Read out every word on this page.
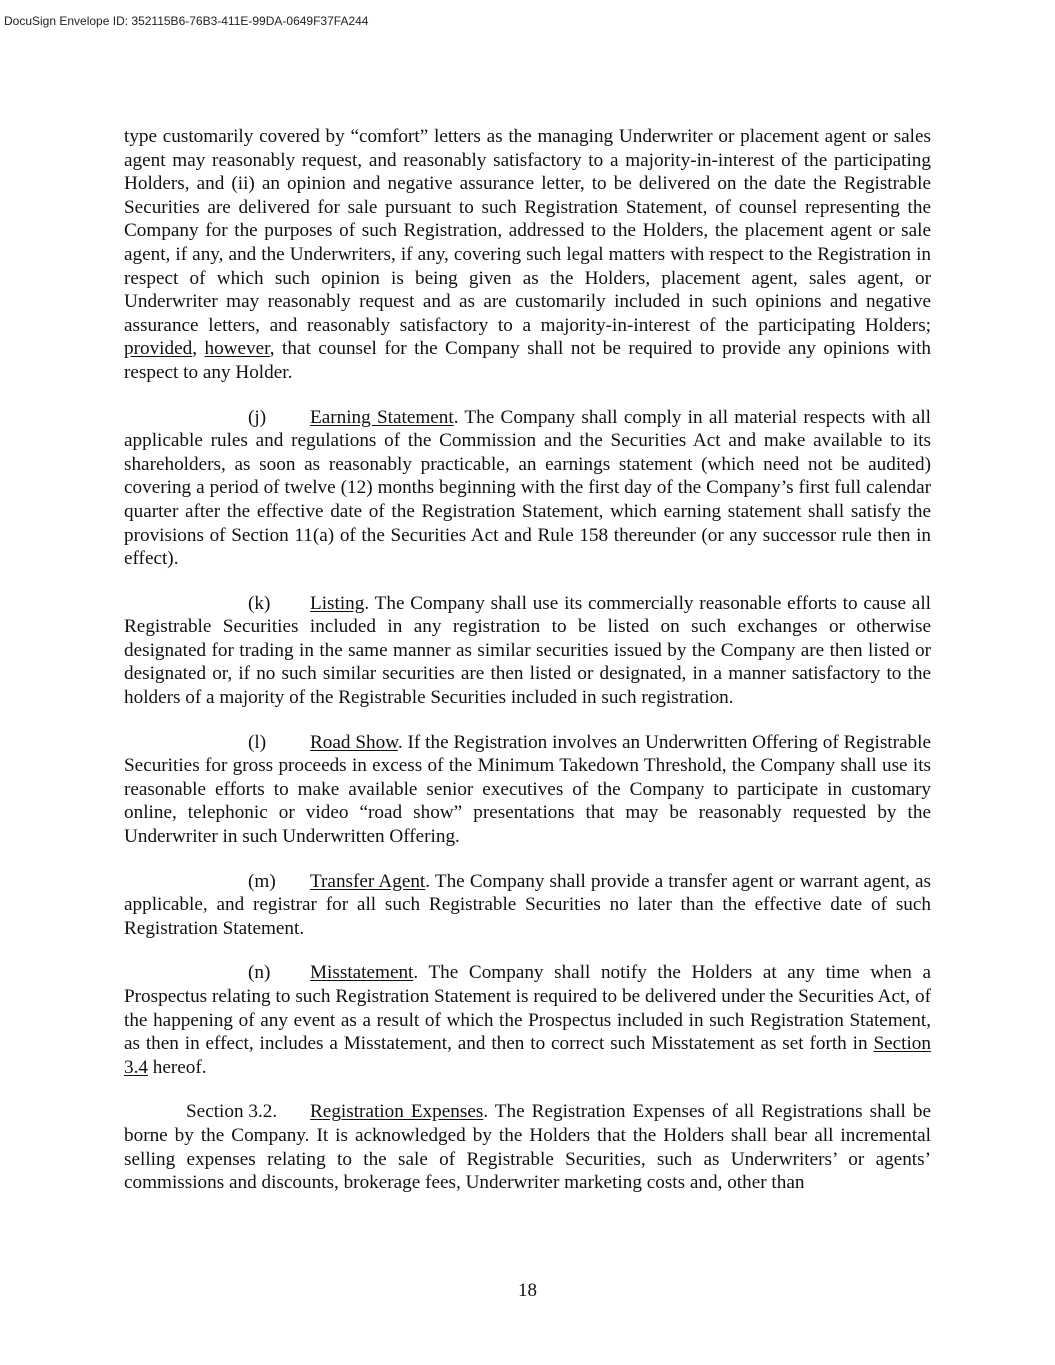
DocuSign Envelope ID: 352115B6-76B3-411E-99DA-0649F37FA244

type customarily covered by “comfort” letters as the managing Underwriter or placement agent or sales agent may reasonably request, and reasonably satisfactory to a majority-in-interest of the participating Holders, and (ii) an opinion and negative assurance letter, to be delivered on the date the Registrable Securities are delivered for sale pursuant to such Registration Statement, of counsel representing the Company for the purposes of such Registration, addressed to the Holders, the placement agent or sale agent, if any, and the Underwriters, if any, covering such legal matters with respect to the Registration in respect of which such opinion is being given as the Holders, placement agent, sales agent, or Underwriter may reasonably request and as are customarily included in such opinions and negative assurance letters, and reasonably satisfactory to a majority-in-interest of the participating Holders; provided, however, that counsel for the Company shall not be required to provide any opinions with respect to any Holder.

(j) Earning Statement. The Company shall comply in all material respects with all applicable rules and regulations of the Commission and the Securities Act and make available to its shareholders, as soon as reasonably practicable, an earnings statement (which need not be audited) covering a period of twelve (12) months beginning with the first day of the Company’s first full calendar quarter after the effective date of the Registration Statement, which earning statement shall satisfy the provisions of Section 11(a) of the Securities Act and Rule 158 thereunder (or any successor rule then in effect).

(k) Listing. The Company shall use its commercially reasonable efforts to cause all Registrable Securities included in any registration to be listed on such exchanges or otherwise designated for trading in the same manner as similar securities issued by the Company are then listed or designated or, if no such similar securities are then listed or designated, in a manner satisfactory to the holders of a majority of the Registrable Securities included in such registration.

(l) Road Show. If the Registration involves an Underwritten Offering of Registrable Securities for gross proceeds in excess of the Minimum Takedown Threshold, the Company shall use its reasonable efforts to make available senior executives of the Company to participate in customary online, telephonic or video “road show” presentations that may be reasonably requested by the Underwriter in such Underwritten Offering.

(m) Transfer Agent. The Company shall provide a transfer agent or warrant agent, as applicable, and registrar for all such Registrable Securities no later than the effective date of such Registration Statement.

(n) Misstatement. The Company shall notify the Holders at any time when a Prospectus relating to such Registration Statement is required to be delivered under the Securities Act, of the happening of any event as a result of which the Prospectus included in such Registration Statement, as then in effect, includes a Misstatement, and then to correct such Misstatement as set forth in Section 3.4 hereof.

Section 3.2. Registration Expenses. The Registration Expenses of all Registrations shall be borne by the Company. It is acknowledged by the Holders that the Holders shall bear all incremental selling expenses relating to the sale of Registrable Securities, such as Underwriters’ or agents’ commissions and discounts, brokerage fees, Underwriter marketing costs and, other than

18
